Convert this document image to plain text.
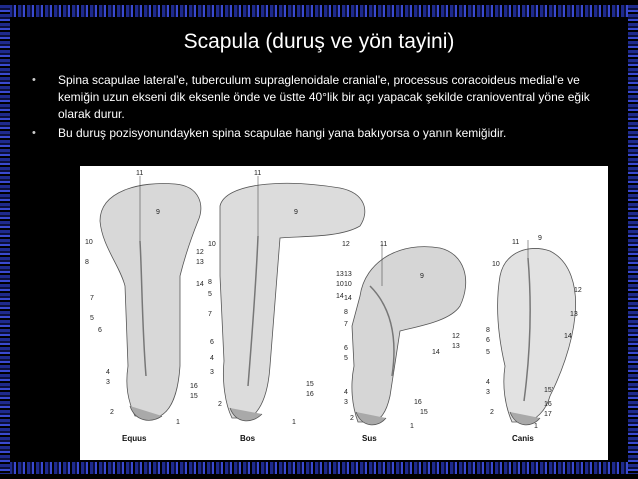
Scapula (duruş ve yön tayini)
• Spina scapulae lateral'e, tuberculum supraglenoidale cranial'e, processus coracoideus medial'e ve kemiğin uzun ekseni dik eksenle önde ve üstte 40°lik bir açı yapacak şekilde cranioventral yöne eğik olarak durur.
• Bu duruş pozisyonundayken spina scapulae hangi yana bakıyorsa o yanın kemiğidir.
Equus	Bos	Sus	Canis
11
9
10
12
8	13
14
7
5
6
4
3
16
2
15
1
11
9
10	12
13
8	10
5	14
7
6
4
3
15
16
2
1
11
9
13
10
14
8
7
12
13
6
5
14
4
3	16
2
15
1
11
9
10
12
13
8
14
6
5
3
4
15'
16
2	17
1
